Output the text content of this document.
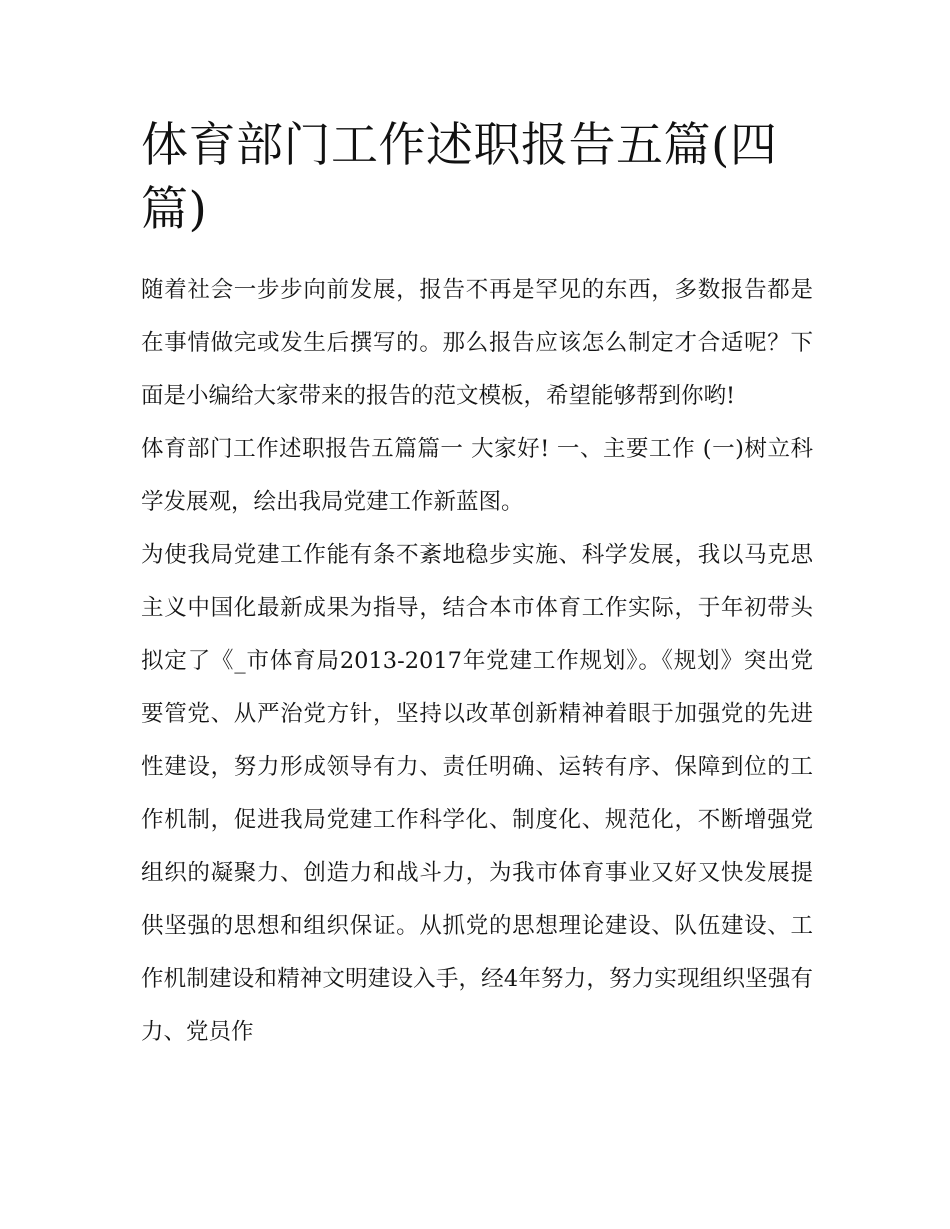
体育部门工作述职报告五篇(四篇)

随着社会一步步向前发展，报告不再是罕见的东西，多数报告都是在事情做完或发生后撰写的。那么报告应该怎么制定才合适呢？下面是小编给大家带来的报告的范文模板，希望能够帮到你哟!

体育部门工作述职报告五篇篇一 大家好! 一、主要工作 (一)树立科学发展观，绘出我局党建工作新蓝图。

为使我局党建工作能有条不紊地稳步实施、科学发展，我以马克思主义中国化最新成果为指导，结合本市体育工作实际，于年初带头拟定了《_市体育局2013-2017年党建工作规划》。《规划》突出党要管党、从严治党方针，坚持以改革创新精神着眼于加强党的先进性建设，努力形成领导有力、责任明确、运转有序、保障到位的工作机制，促进我局党建工作科学化、制度化、规范化，不断增强党组织的凝聚力、创造力和战斗力，为我市体育事业又好又快发展提供坚强的思想和组织保证。从抓党的思想理论建设、队伍建设、工作机制建设和精神文明建设入手，经4年努力，努力实现组织坚强有力、党员作
